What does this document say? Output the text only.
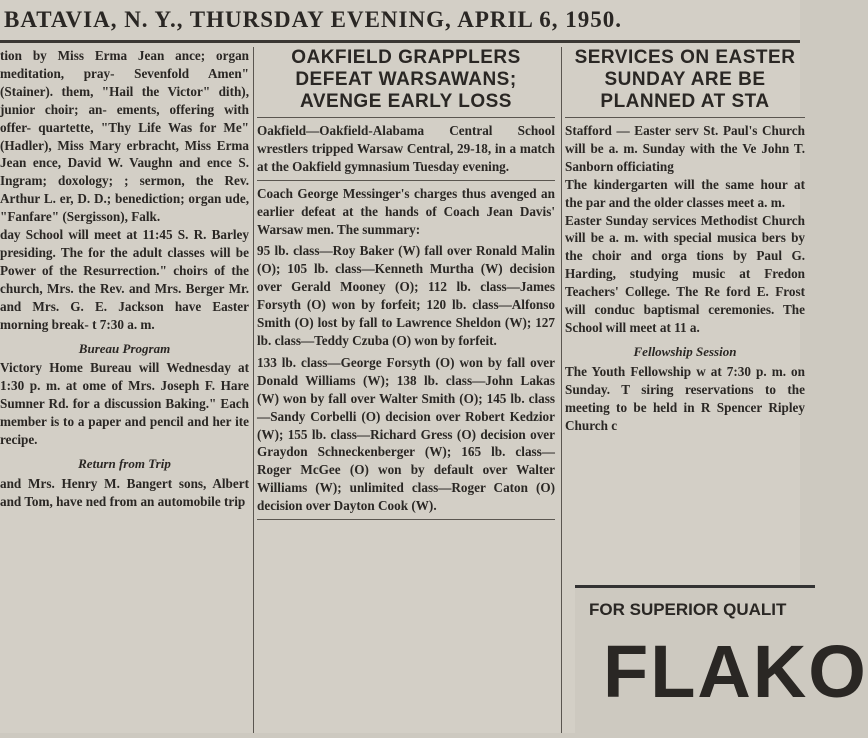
BATAVIA, N. Y., THURSDAY EVENING, APRIL 6, 1950.

tion by Miss Erma Jean ance; organ meditation, pray- Sevenfold Amen" (Stainer). them, "Hail the Victor" dith), junior choir; an- ements, offering with offer- quartette, "Thy Life Was for Me" (Hadler), Miss Mary erbracht, Miss Erma Jean ence, David W. Vaughn and ence S. Ingram; doxology; ; sermon, the Rev. Arthur L. er, D. D.; benediction; organ ude, "Fanfare" (Sergisson), Falk.

day School will meet at 11:45 S. R. Barley presiding. The for the adult classes will be Power of the Resurrection." choirs of the church, Mrs. the Rev. and Mrs. Berger Mr. and Mrs. G. E. Jackson have Easter morning break- t 7:30 a. m.

Bureau Program

Victory Home Bureau will Wednesday at 1:30 p. m. at ome of Mrs. Joseph F. Hare Sumner Rd. for a discussion Baking." Each member is to a paper and pencil and her ite recipe.

Return from Trip

and Mrs. Henry M. Bangert sons, Albert and Tom, have ned from an automobile trip

OAKFIELD GRAPPLERS
DEFEAT WARSAWANS;
AVENGE EARLY LOSS

Oakfield—Oakfield-Alabama Central School wrestlers tripped Warsaw Central, 29-18, in a match at the Oakfield gymnasium Tuesday evening.

Coach George Messinger's charges thus avenged an earlier defeat at the hands of Coach Jean Davis' Warsaw men. The summary:

95 lb. class—Roy Baker (W) fall over Ronald Malin (O); 105 lb. class—Kenneth Murtha (W) decision over Gerald Mooney (O); 112 lb. class—James Forsyth (O) won by forfeit; 120 lb. class—Alfonso Smith (O) lost by fall to Lawrence Sheldon (W); 127 lb. class—Teddy Czuba (O) won by forfeit.

133 lb. class—George Forsyth (O) won by fall over Donald Williams (W); 138 lb. class—John Lakas (W) won by fall over Walter Smith (O); 145 lb. class—Sandy Corbelli (O) decision over Robert Kedzior (W); 155 lb. class—Richard Gress (O) decision over Graydon Schneckenberger (W); 165 lb. class—Roger McGee (O) won by default over Walter Williams (W); unlimited class—Roger Caton (O) decision over Dayton Cook (W).

SERVICES ON EASTER
SUNDAY ARE BE
PLANNED AT STA

Stafford — Easter serv St. Paul's Church will be a. m. Sunday with the Ve John T. Sanborn officiating

The kindergarten will the same hour at the par and the older classes meet a. m.

Easter Sunday services Methodist Church will be a. m. with special musica bers by the choir and orga tions by Paul G. Harding, studying music at Fredon Teachers' College. The Re ford E. Frost will conduc baptismal ceremonies. The School will meet at 11 a.

Fellowship Session

The Youth Fellowship w at 7:30 p. m. on Sunday. T siring reservations to the meeting to be held in R Spencer Ripley Church c

FOR SUPERIOR QUALIT
FLAKO
